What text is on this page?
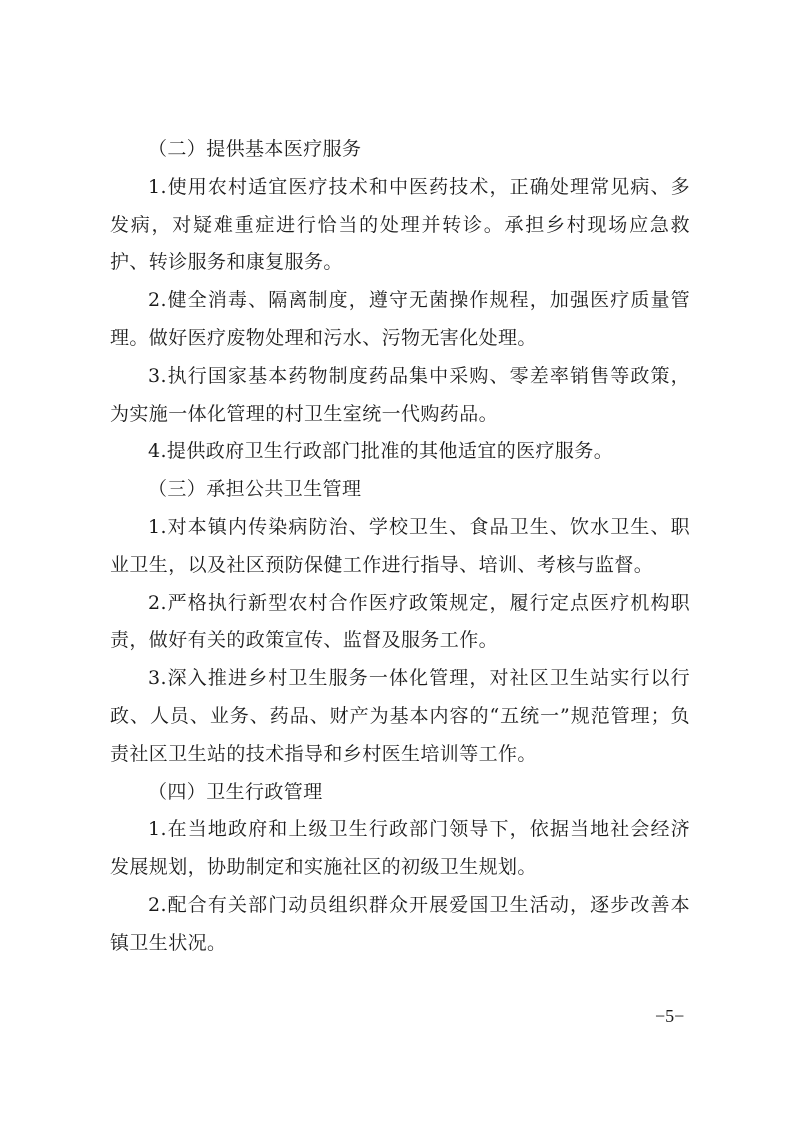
（二）提供基本医疗服务

1.使用农村适宜医疗技术和中医药技术，正确处理常见病、多发病，对疑难重症进行恰当的处理并转诊。承担乡村现场应急救护、转诊服务和康复服务。

2.健全消毒、隔离制度，遵守无菌操作规程，加强医疗质量管理。做好医疗废物处理和污水、污物无害化处理。

3.执行国家基本药物制度药品集中采购、零差率销售等政策，为实施一体化管理的村卫生室统一代购药品。

4.提供政府卫生行政部门批准的其他适宜的医疗服务。

（三）承担公共卫生管理

1.对本镇内传染病防治、学校卫生、食品卫生、饮水卫生、职业卫生，以及社区预防保健工作进行指导、培训、考核与监督。

2.严格执行新型农村合作医疗政策规定，履行定点医疗机构职责，做好有关的政策宣传、监督及服务工作。

3.深入推进乡村卫生服务一体化管理，对社区卫生站实行以行政、人员、业务、药品、财产为基本内容的“五统一”规范管理；负责社区卫生站的技术指导和乡村医生培训等工作。

（四）卫生行政管理

1.在当地政府和上级卫生行政部门领导下，依据当地社会经济发展规划，协助制定和实施社区的初级卫生规划。

2.配合有关部门动员组织群众开展爱国卫生活动，逐步改善本镇卫生状况。

−5−
